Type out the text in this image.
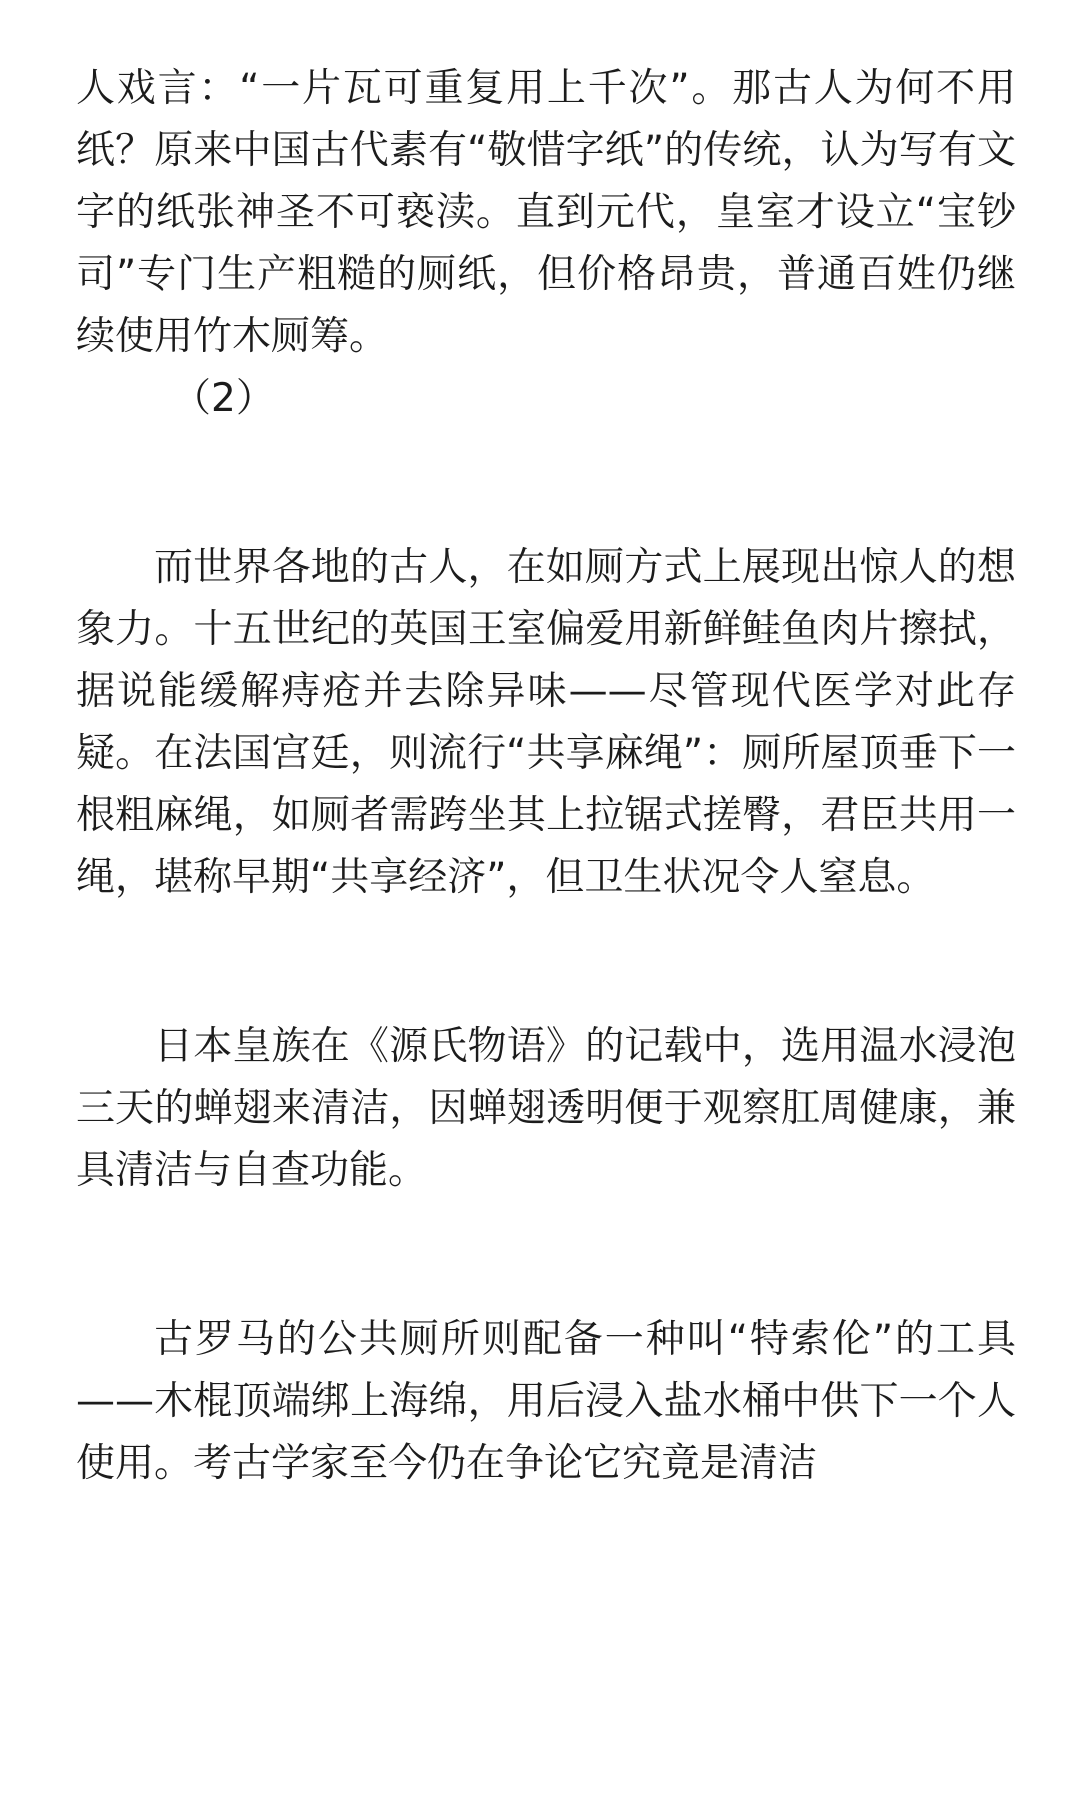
人戏言：“一片瓦可重复用上千次”。那古人为何不用纸？原来中国古代素有“敬惜字纸”的传统，认为写有文字的纸张神圣不可亵渎。直到元代，皇室才设立“宝钞司”专门生产粗糙的厕纸，但价格昂贵，普通百姓仍继续使用竹木厕筹。

（2）

而世界各地的古人，在如厕方式上展现出惊人的想象力。十五世纪的英国王室偏爱用新鲜鲑鱼肉片擦拭，据说能缓解痔疮并去除异味——尽管现代医学对此存疑。在法国宫廷，则流行“共享麻绳”：厕所屋顶垂下一根粗麻绳，如厕者需跨坐其上拉锯式搓臀，君臣共用一绳，堪称早期“共享经济”，但卫生状况令人窒息。

日本皇族在《源氏物语》的记载中，选用温水浸泡三天的蝉翅来清洁，因蝉翅透明便于观察肛周健康，兼具清洁与自查功能。

古罗马的公共厕所则配备一种叫“特索伦”的工具——木棍顶端绑上海绵，用后浸入盐水桶中供下一个人使用。考古学家至今仍在争论它究竟是清洁
